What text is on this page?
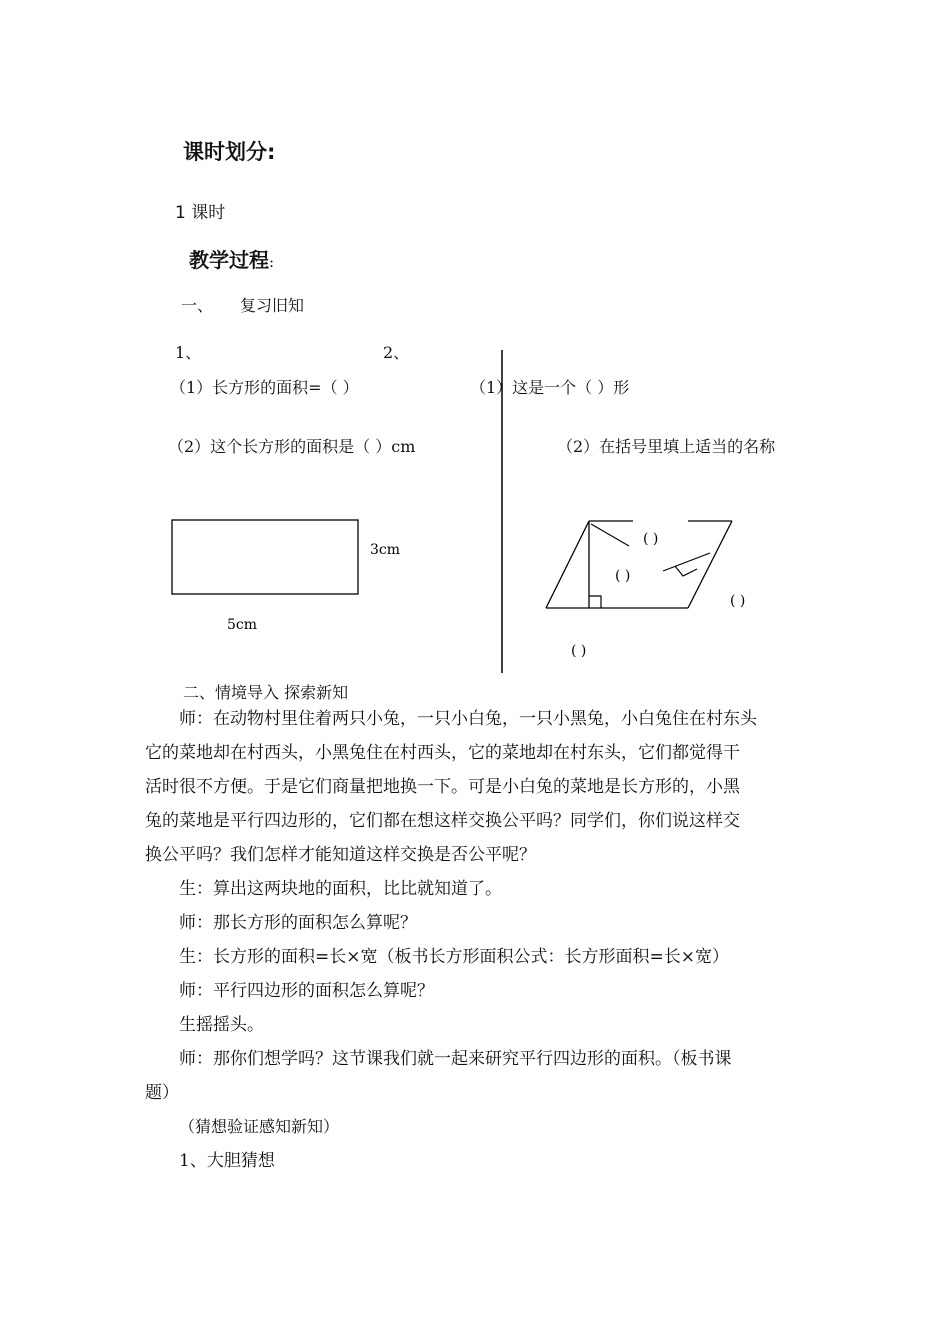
课时划分:
1 课时
教学过程:
一、 复习旧知
1、	2、
（1）长方形的面积=（ ）
（2）这个长方形的面积是（ ）cm
（1）这是一个（ ）形
（2）在括号里填上适当的名称
3cm
5cm
( )
( )
( )
( )
二、情境导入 探索新知

师：在动物村里住着两只小兔，一只小白兔，一只小黑兔，小白兔住在村东头

它的菜地却在村西头，小黑兔住在村西头，它的菜地却在村东头，它们都觉得干

活时很不方便。于是它们商量把地换一下。可是小白兔的菜地是长方形的，小黑

兔的菜地是平行四边形的，它们都在想这样交换公平吗？同学们，你们说这样交

换公平吗？我们怎样才能知道这样交换是否公平呢？

生：算出这两块地的面积，比比就知道了。

师：那长方形的面积怎么算呢？

生：长方形的面积=长×宽（板书长方形面积公式：长方形面积=长×宽）

师：平行四边形的面积怎么算呢？

生摇摇头。

师：那你们想学吗？这节课我们就一起来研究平行四边形的面积。（板书课

题）

（猜想验证感知新知）

1、大胆猜想
